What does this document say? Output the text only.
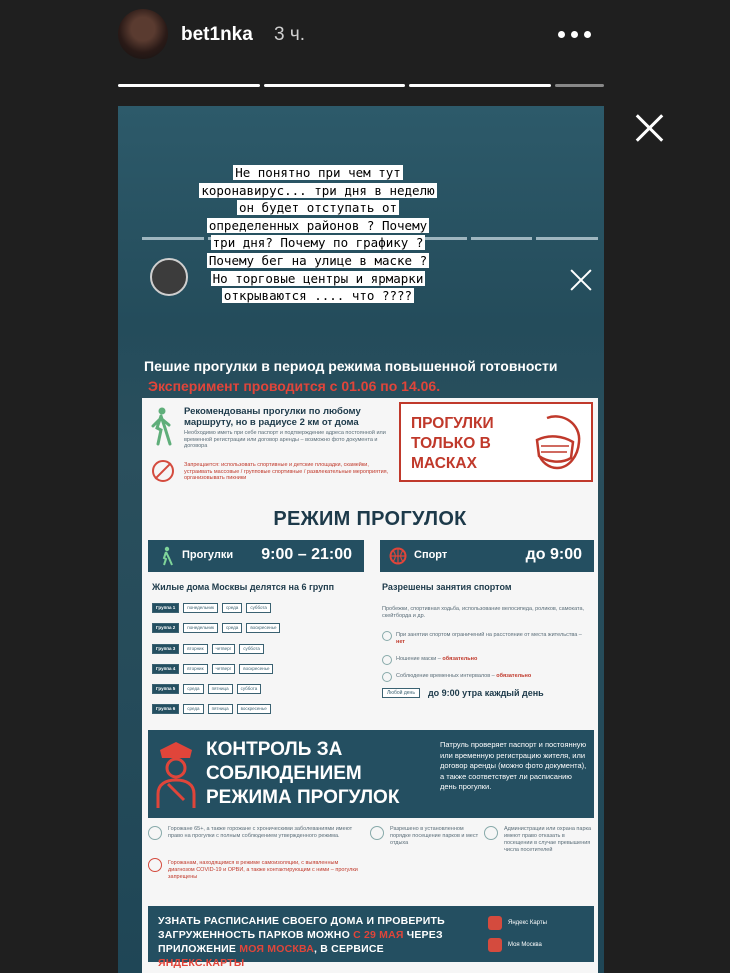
bet1nka 3 ч.
Не понятно при чем тут коронавирус... три дня в неделю он будет отступать от определенных районов ? Почему три дня? Почему по графику ? Почему бег на улице в маске ? Но торговые центры и ярмарки открываются .... что ????
Пешие прогулки в период режима повышенной готовности
Эксперимент проводится с 01.06 по 14.06.
Рекомендованы прогулки по любому маршруту, но в радиусе 2 км от дома
Необходимо иметь при себе паспорт и подтверждение адреса постоянной или временной регистрации или договор аренды – возможно фото документа и договора
Запрещается: использовать спортивные и детские площадки, скамейки, устраивать массовые / групповые спортивные / развлекательные мероприятия, организовывать пикники
ПРОГУЛКИ ТОЛЬКО В МАСКАХ
РЕЖИМ ПРОГУЛОК
Прогулки 9:00 – 21:00	Спорт	до 9:00
Жилые дома Москвы делятся на 6 групп
Группа 1	понедельник	среда	суббота
Группа 2	понедельник	среда	воскресенье
Группа 3	вторник	четверг	суббота
Группа 4	вторник	четверг	воскресенье
Группа 5	среда	пятница	суббота
Группа 6	среда	пятница	воскресенье
Разрешены занятия спортом
Пробежки, спортивная ходьба, использование велосипеда, роликов, самоката, скейтборда и др.
При занятии спортом ограничений на расстояние от места жительства – нет
Ношение маски – обязательно
Соблюдение временных интервалов – обязательно
Любой день	до 9:00 утра каждый день
КОНТРОЛЬ ЗА СОБЛЮДЕНИЕМ РЕЖИМА ПРОГУЛОК
Патруль проверяет паспорт и постоянную или временную регистрацию жителя, или договор аренды (можно фото документа), а также соответствует ли расписанию день прогулки.
Горожане 65+, а также горожане с хроническими заболеваниями имеют право на прогулки с полным соблюдением утвержденного режима.
Горожанам, находящимся в режиме самоизоляции, с выявленным диагнозом COVID-19 и ОРВИ, а также контактирующим с ними – прогулки запрещены
Разрешено в установленном порядке посещение парков и мест отдыха
Администрации или охрана парка имеют право отказать в посещении в случае превышения числа посетителей
УЗНАТЬ РАСПИСАНИЕ СВОЕГО ДОМА И ПРОВЕРИТЬ ЗАГРУЖЕННОСТЬ ПАРКОВ МОЖНО С 29 МАЯ ЧЕРЕЗ ПРИЛОЖЕНИЕ МОЯ МОСКВА, В СЕРВИСЕ ЯНДЕКС.КАРТЫ
Яндекс Карты
Моя Москва
